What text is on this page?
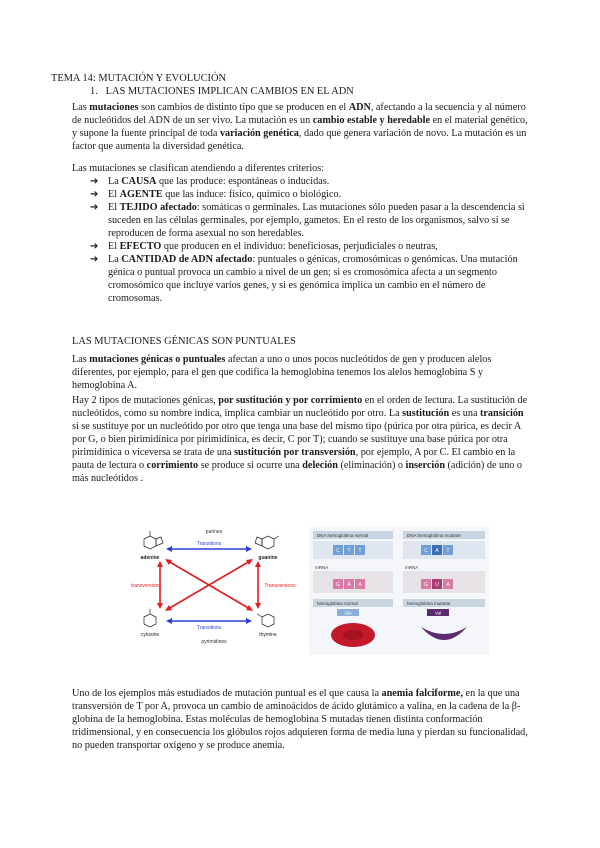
TEMA 14: MUTACIÓN Y EVOLUCIÓN

1. LAS MUTACIONES IMPLICAN CAMBIOS EN EL ADN

Las mutaciones son cambios de distinto tipo que se producen en el ADN, afectando a la secuencia y al número de nucleótidos del ADN de un ser vivo. La mutación es un cambio estable y heredable en el material genético, y supone la fuente principal de toda variación genética, dado que genera variación de novo. La mutación es un factor que aumenta la diversidad genética.

Las mutaciones se clasifican atendiendo a diferentes criterios:

➔ La CAUSA que las produce: espontáneas o inducidas.
➔ El AGENTE que las induce: físico, químico o biológico.
➔ El TEJIDO afectado: somáticas o germinales. Las mutaciones sólo pueden pasar a la descendencia si suceden en las células germinales, por ejemplo, gametos. En el resto de los organismos, salvo si se reproducen de forma asexual no son heredables.
➔ El EFECTO que producen en el individuo: beneficiosas, perjudiciales o neutras,
➔ La CANTIDAD de ADN afectado: puntuales o génicas, cromosómicas o genómicas. Una mutación génica o puntual provoca un cambio a nivel de un gen; si es cromosómica afecta a un segmento cromosómico que incluye varios genes, y si es genómica implica un cambio en el número de cromosomas.

LAS MUTACIONES GÉNICAS SON PUNTUALES

Las mutaciones génicas o puntuales afectan a uno o unos pocos nucleótidos de gen y producen alelos diferentes, por ejemplo, para el gen que codifica la hemoglobina tenemos los alelos hemoglobina S y hemoglobina A.

Hay 2 tipos de mutaciones génicas, por sustitución y por corrimiento en el orden de lectura. La sustitución de nucleótidos, como su nombre indica, implica cambiar un nucleótido por otro. La sustitución es una transición si se sustituye por un nucleótido por otro que tenga una base del mismo tipo (púrica por otra púrica, es decir A por G, o bien pirimidínica por pirimidínica, es decir, C por T); cuando se sustituye una base púrica por otra pirimidínica o viceversa se trata de una sustitución por transversión, por ejemplo, A por C. El cambio en la pauta de lectura o corrimiento se produce si ocurre una deleción (eliminación) o inserción (adición) de uno o más nucleótidos .

purines
pyrimidines
adenine	guanine
cytosine	thymine
Transitions
Transitions
transversions	Transversions
DNA hemoglobina normal
C T T
mRNA
G A A
hemoglobina normal
Glu
DNA hemoglobina mutante
C A T
mRNA
G U A
hemoglobina mutante
Val

Uno de los ejemplos más estudiados de mutación puntual es el que causa la anemia falciforme, en la que una transversión de T por A, provoca un cambio de aminoácidos de ácido glutámico a valina, en la cadena de la β-globina de la hemoglobina. Estas moléculas de hemoglobina S mutadas tienen distinta conformación tridimensional, y en consecuencia los glóbulos rojos adquieren forma de media luna y pierdan su funcionalidad, no pueden transportar oxígeno y se produce anemia.
